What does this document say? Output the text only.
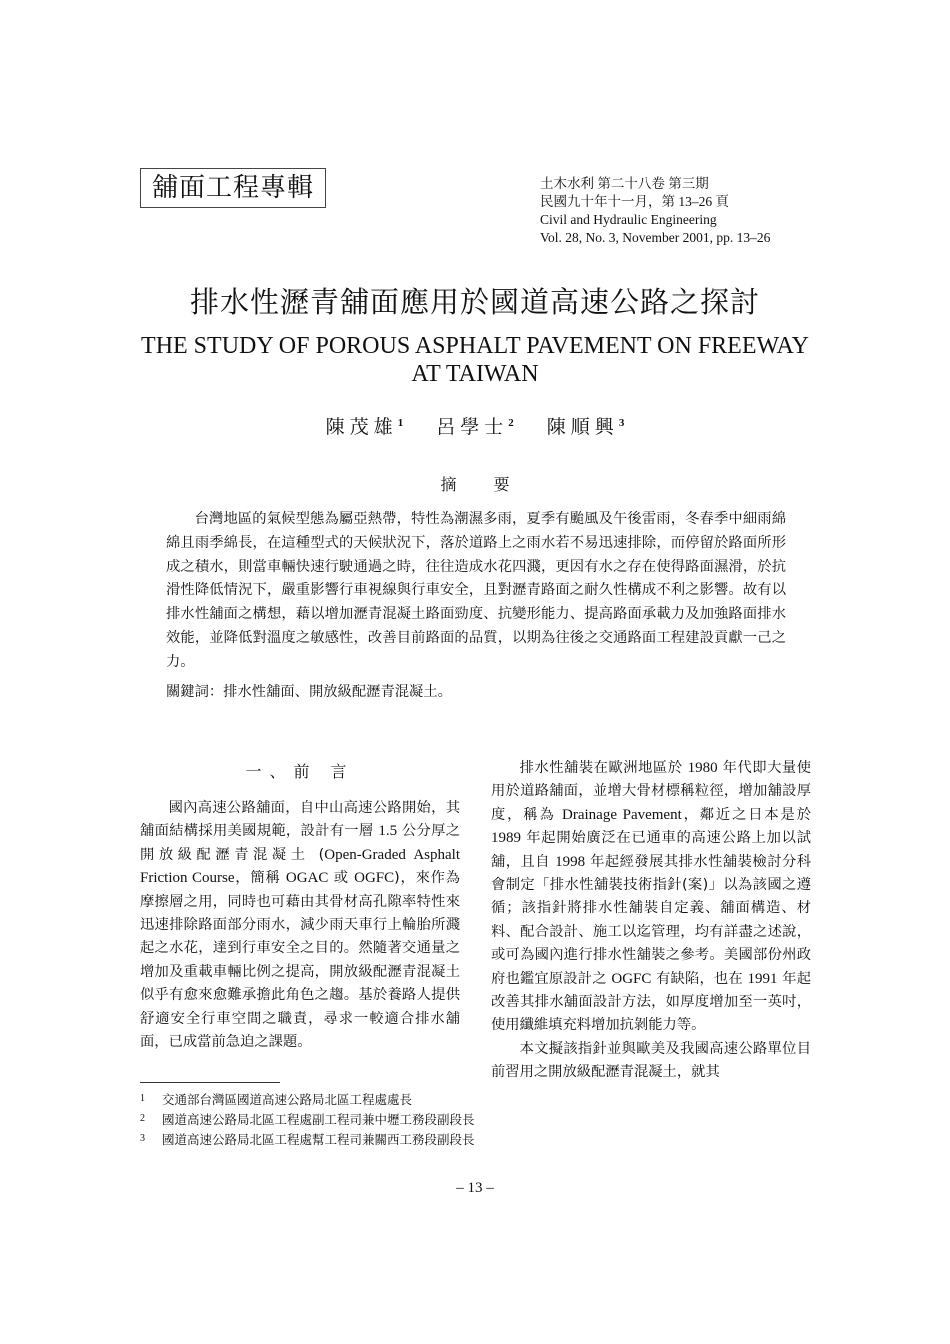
舖面工程專輯	土木水利 第二十八卷 第三期
民國九十年十一月，第 13–26 頁
Civil and Hydraulic Engineering
Vol. 28, No. 3, November 2001, pp. 13–26
排水性瀝青舖面應用於國道高速公路之探討
THE STUDY OF POROUS ASPHALT PAVEMENT ON FREEWAY AT TAIWAN
陳茂雄$^1$ 呂學士$^2$ 陳順興$^3$
摘 要
台灣地區的氣候型態為屬亞熱帶，特性為潮濕多雨，夏季有颱風及午後雷雨，冬春季中細雨綿綿且雨季綿長，在這種型式的天候狀況下，落於道路上之雨水若不易迅速排除，而停留於路面所形成之積水，則當車輛快速行駛通過之時，往往造成水花四濺，更因有水之存在使得路面濕滑，於抗滑性降低情況下，嚴重影響行車視線與行車安全，且對瀝青路面之耐久性構成不利之影響。故有以排水性舖面之構想，藉以增加瀝青混凝土路面勁度、抗變形能力、提高路面承載力及加強路面排水效能，並降低對溫度之敏感性，改善目前路面的品質，以期為往後之交通路面工程建設貢獻一己之力。
關鍵詞：排水性舖面、開放級配瀝青混凝土。
一、前 言

國內高速公路舖面，自中山高速公路開始，其舖面結構採用美國規範，設計有一層 1.5 公分厚之開放級配瀝青混凝土 (Open-Graded Asphalt Friction Course，簡稱 OGAC 或 OGFC)，來作為摩擦層之用，同時也可藉由其骨材高孔隙率特性來迅速排除路面部分雨水，減少雨天車行上輪胎所濺起之水花，達到行車安全之目的。然隨著交通量之增加及重載車輛比例之提高，開放級配瀝青混凝土似乎有愈來愈難承擔此角色之趨。基於養路人提供舒適安全行車空間之職責，尋求一較適合排水舖面，已成當前急迫之課題。

排水性舖裝在歐洲地區於 1980 年代即大量使用於道路舖面，並增大骨材標稱粒徑，增加舖設厚度，稱為 Drainage Pavement，鄰近之日本是於 1989 年起開始廣泛在已通車的高速公路上加以試舖，且自 1998 年起經發展其排水性舖裝檢討分科會制定「排水性舖裝技術指針(案)」以為該國之遵循；該指針將排水性舖裝自定義、舖面構造、材料、配合設計、施工以迄管理，均有詳盡之述說，或可為國內進行排水性舖裝之參考。美國部份州政府也鑑宜原設計之 OGFC 有缺陷，也在 1991 年起改善其排水舖面設計方法，如厚度增加至一英吋，使用纖維填充料增加抗剝能力等。

本文擬該指針並與歐美及我國高速公路單位目前習用之開放級配瀝青混凝土，就其

1 交通部台灣區國道高速公路局北區工程處處長
2 國道高速公路局北區工程處副工程司兼中壢工務段副段長
3 國道高速公路局北區工程處幫工程司兼關西工務段副段長
– 13 –
